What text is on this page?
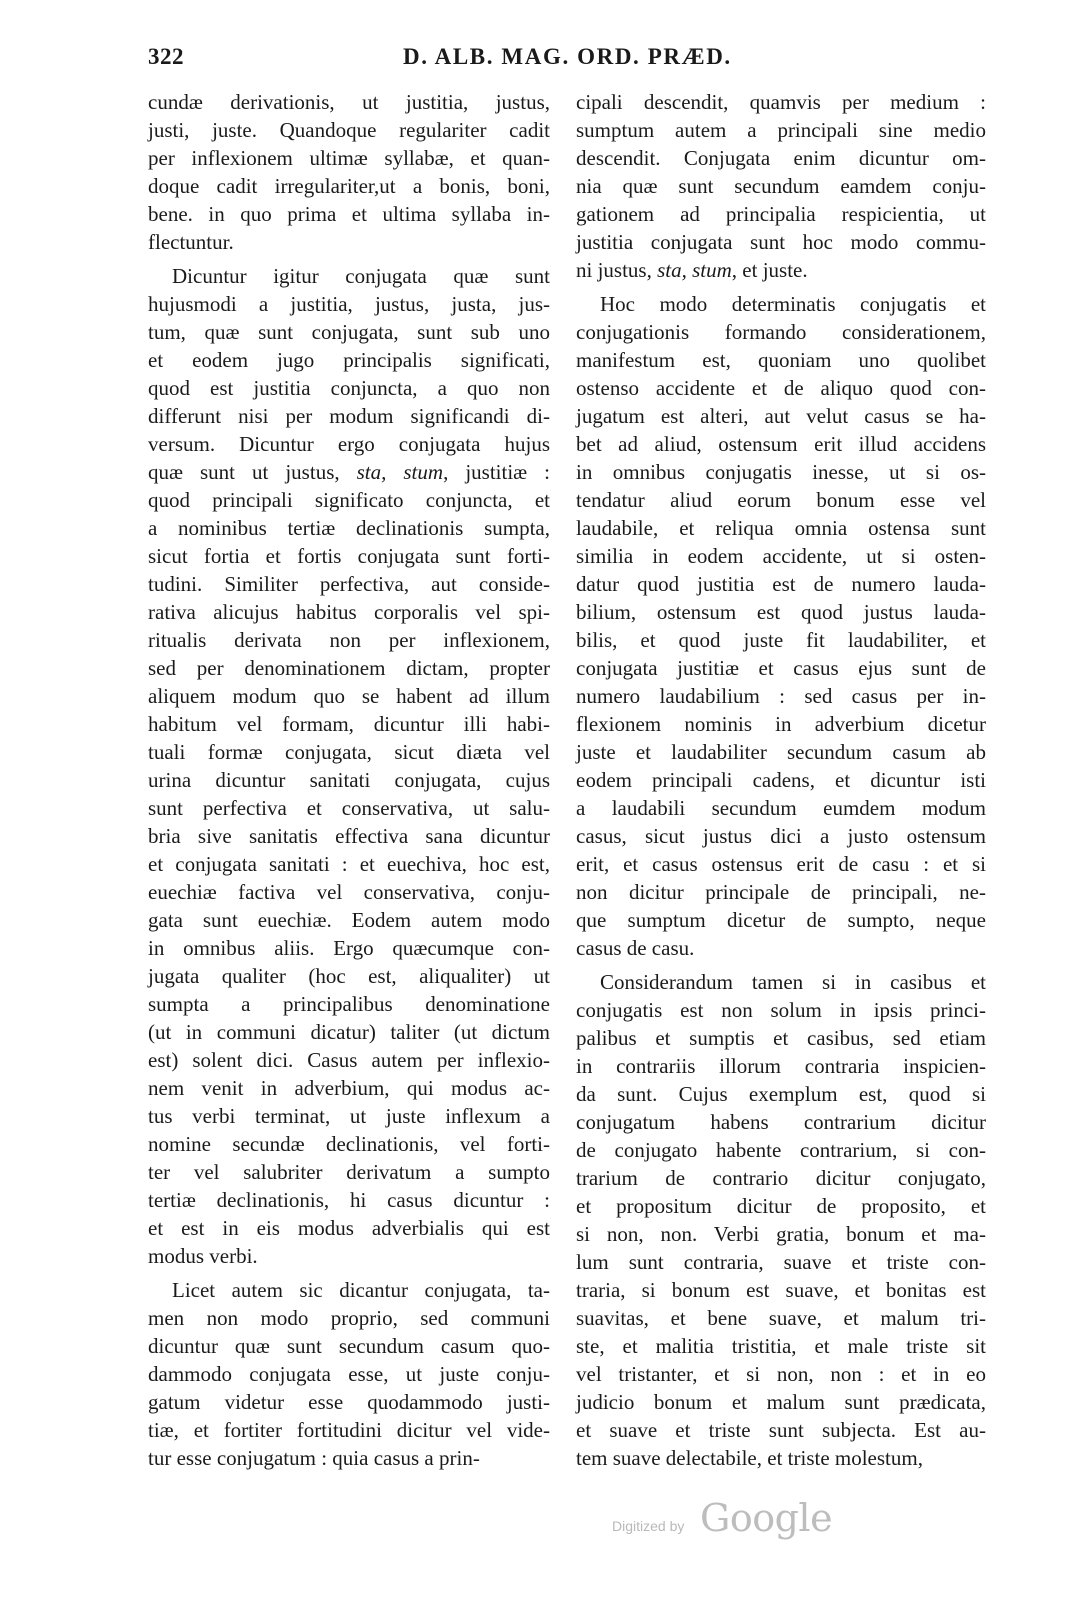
322	D. ALB. MAG. ORD. PRÆD.
cundæ derivationis, ut justitia, justus,
justi, juste. Quandoque regulariter cadit
per inflexionem ultimæ syllabæ, et quan-
doque cadit irregulariter,ut a bonis, boni,
bene. in quo prima et ultima syllaba in-
flectuntur.
Dicuntur igitur conjugata quæ sunt
hujusmodi a justitia, justus, justa, jus-
tum, quæ sunt conjugata, sunt sub uno
et eodem jugo principalis significati,
quod est justitia conjuncta, a quo non
differunt nisi per modum significandi di-
versum. Dicuntur ergo conjugata hujus
quæ sunt ut justus, sta, stum, justitiæ :
quod principali significato conjuncta, et
a nominibus tertiæ declinationis sumpta,
sicut fortia et fortis conjugata sunt forti-
tudini. Similiter perfectiva, aut conside-
rativa alicujus habitus corporalis vel spi-
ritualis derivata non per inflexionem,
sed per denominationem dictam, propter
aliquem modum quo se habent ad illum
habitum vel formam, dicuntur illi habi-
tuali formæ conjugata, sicut diæta vel
urina dicuntur sanitati conjugata, cujus
sunt perfectiva et conservativa, ut salu-
bria sive sanitatis effectiva sana dicuntur
et conjugata sanitati : et euechiva, hoc est,
euechiæ factiva vel conservativa, conju-
gata sunt euechiæ. Eodem autem modo
in omnibus aliis. Ergo quæcumque con-
jugata qualiter (hoc est, aliqualiter) ut
sumpta a principalibus denominatione
(ut in communi dicatur) taliter (ut dictum
est) solent dici. Casus autem per inflexio-
nem venit in adverbium, qui modus ac-
tus verbi terminat, ut juste inflexum a
nomine secundæ declinationis, vel forti-
ter vel salubriter derivatum a sumpto
tertiæ declinationis, hi casus dicuntur :
et est in eis modus adverbialis qui est
modus verbi.
Licet autem sic dicantur conjugata, ta-
men non modo proprio, sed communi
dicuntur quæ sunt secundum casum quo-
dammodo conjugata esse, ut juste conju-
gatum videtur esse quodammodo justi-
tiæ, et fortiter fortitudini dicitur vel vide-
tur esse conjugatum : quia casus a prin-
cipali descendit, quamvis per medium :
sumptum autem a principali sine medio
descendit. Conjugata enim dicuntur om-
nia quæ sunt secundum eamdem conju-
gationem ad principalia respicientia, ut
justitia conjugata sunt hoc modo commu-
ni justus, sta, stum, et juste.
Hoc modo determinatis conjugatis et
conjugationis formando considerationem,
manifestum est, quoniam uno quolibet
ostenso accidente et de aliquo quod con-
jugatum est alteri, aut velut casus se ha-
bet ad aliud, ostensum erit illud accidens
in omnibus conjugatis inesse, ut si os-
tendatur aliud eorum bonum esse vel
laudabile, et reliqua omnia ostensa sunt
similia in eodem accidente, ut si osten-
datur quod justitia est de numero lauda-
bilium, ostensum est quod justus lauda-
bilis, et quod juste fit laudabiliter, et
conjugata justitiæ et casus ejus sunt de
numero laudabilium : sed casus per in-
flexionem nominis in adverbium dicetur
juste et laudabiliter secundum casum ab
eodem principali cadens, et dicuntur isti
a laudabili secundum eumdem modum
casus, sicut justus dici a justo ostensum
erit, et casus ostensus erit de casu : et si
non dicitur principale de principali, ne-
que sumptum dicetur de sumpto, neque
casus de casu.
Considerandum tamen si in casibus et
conjugatis est non solum in ipsis princi-
palibus et sumptis et casibus, sed etiam
in contrariis illorum contraria inspicien-
da sunt. Cujus exemplum est, quod si
conjugatum habens contrarium dicitur
de conjugato habente contrarium, si con-
trarium de contrario dicitur conjugato,
et propositum dicitur de proposito, et
si non, non. Verbi gratia, bonum et ma-
lum sunt contraria, suave et triste con-
traria, si bonum est suave, et bonitas est
suavitas, et bene suave, et malum tri-
ste, et malitia tristitia, et male triste sit
vel tristanter, et si non, non : et in eo
judicio bonum et malum sunt prædicata,
et suave et triste sunt subjecta. Est au-
tem suave delectabile, et triste molestum,
Digitized by Google
